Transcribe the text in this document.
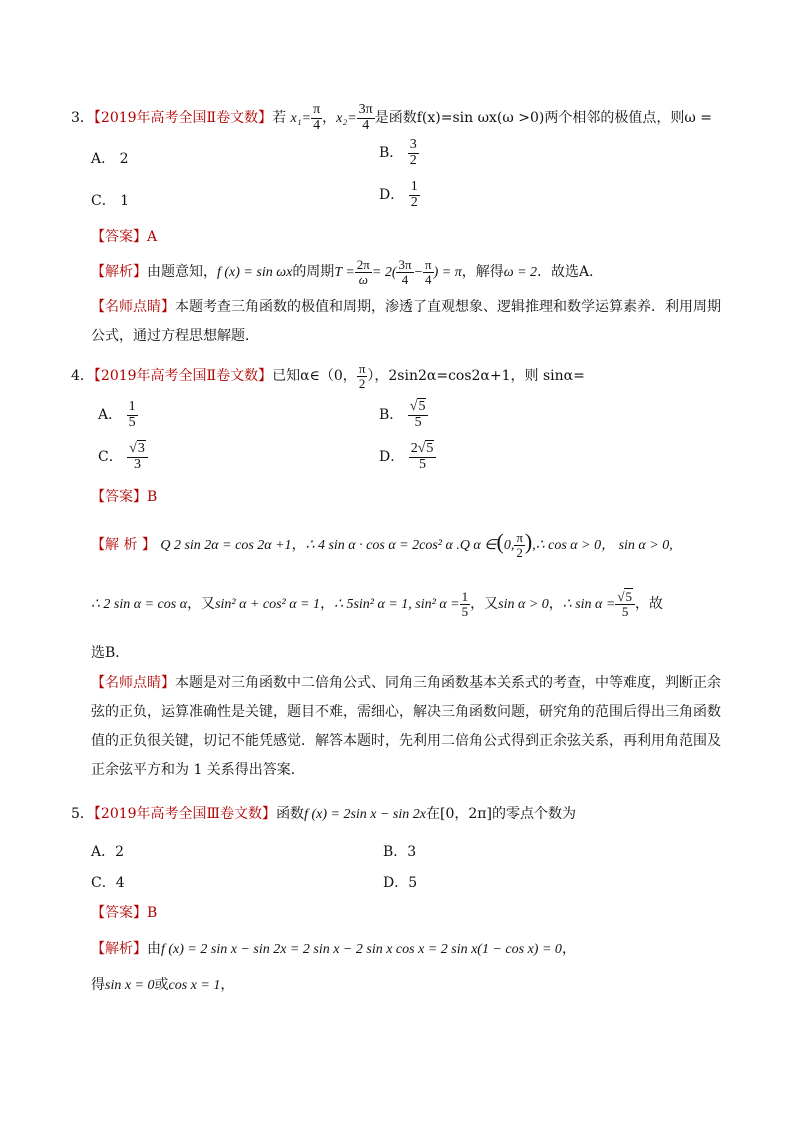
3．【2019年高考全国Ⅱ卷文数】若 $x_1= \frac{\pi}{4}$ ，$x_2= \frac{3\pi}{4}$ 是函数f(x)=sin ωx(ω >0)两个相邻的极值点，则ω =
A． 2	B． $\frac{3}{2}$
C． 1	D． $\frac{1}{2}$
【答案】A
【解析】由题意知，f (x) = sin ωx的周期$T = \frac{2\pi}{\omega} = 2( \frac{3\pi}{4} - \frac{\pi}{4}$ ) = π，解得ω = 2．故选A．
【名师点睛】本题考查三角函数的极值和周期，渗透了直观想象、逻辑推理和数学运算素养．利用周期公式，通过方程思想解题．
4．【2019年高考全国Ⅱ卷文数】已知α∈（0， $\frac{\pi}{2}$ ），2sin2α=cos2α+1，则 sinα=
A． $\frac{1}{5}$	B． $\frac{√5}{5}$
C． $\frac{√3}{3}$	D． $\frac{2√5}{5}$
【答案】B
【解 析 】 Q 2 sin 2α = cos 2α +1，∴ 4 sin α · cos α = 2cos² α .Q α ∈(0, $\frac{\pi}{2}$ ),∴ cos α > 0， sin α > 0,
∴ 2 sin α = cos α，又sin² α + cos² α = 1，∴ 5sin² α = 1, sin² $\alpha = \frac{1}{5}$ ，又sin α > 0，∴ $\sin \alpha = \frac{√5}{5}$ ，故
选B．
【名师点睛】本题是对三角函数中二倍角公式、同角三角函数基本关系式的考查，中等难度，判断正余弦的正负，运算准确性是关键，题目不难，需细心，解决三角函数问题，研究角的范围后得出三角函数值的正负很关键，切记不能凭感觉．解答本题时，先利用二倍角公式得到正余弦关系，再利用角范围及正余弦平方和为 1 关系得出答案．
5．【2019年高考全国Ⅲ卷文数】函数f (x) = 2sin x − sin 2x在[0，2π]的零点个数为
A．2	B．3
C．4	D．5
【答案】B
【解析】由f (x) = 2 sin x − sin 2x = 2 sin x − 2 sin x cos x = 2 sin x(1 − cos x) = 0，
得sin x = 0或cos x = 1，
